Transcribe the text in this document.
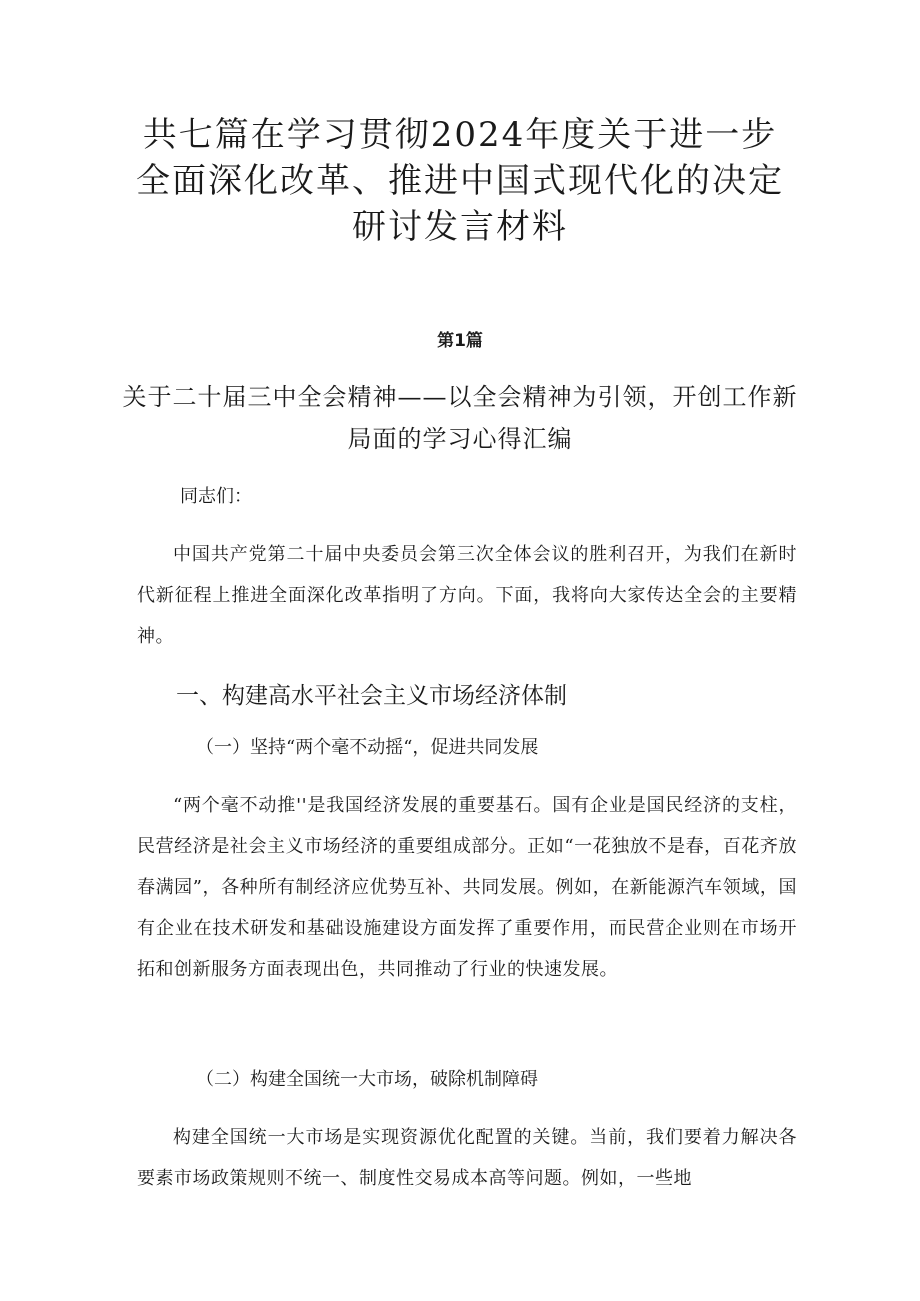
共七篇在学习贯彻2024年度关于进一步全面深化改革、推进中国式现代化的决定研讨发言材料
第1篇
关于二十届三中全会精神——以全会精神为引领，开创工作新局面的学习心得汇编
同志们：

中国共产党第二十届中央委员会第三次全体会议的胜利召开，为我们在新时代新征程上推进全面深化改革指明了方向。下面，我将向大家传达全会的主要精神。

一、构建高水平社会主义市场经济体制
（一）坚持“两个毫不动摇“，促进共同发展

“两个毫不动推''是我国经济发展的重要基石。国有企业是国民经济的支柱，民营经济是社会主义市场经济的重要组成部分。正如“一花独放不是春，百花齐放春满园”，各种所有制经济应优势互补、共同发展。例如，在新能源汽车领域，国有企业在技术研发和基础设施建设方面发挥了重要作用，而民营企业则在市场开拓和创新服务方面表现出色，共同推动了行业的快速发展。

（二）构建全国统一大市场，破除机制障碍

构建全国统一大市场是实现资源优化配置的关键。当前，我们要着力解决各要素市场政策规则不统一、制度性交易成本高等问题。例如，一些地
